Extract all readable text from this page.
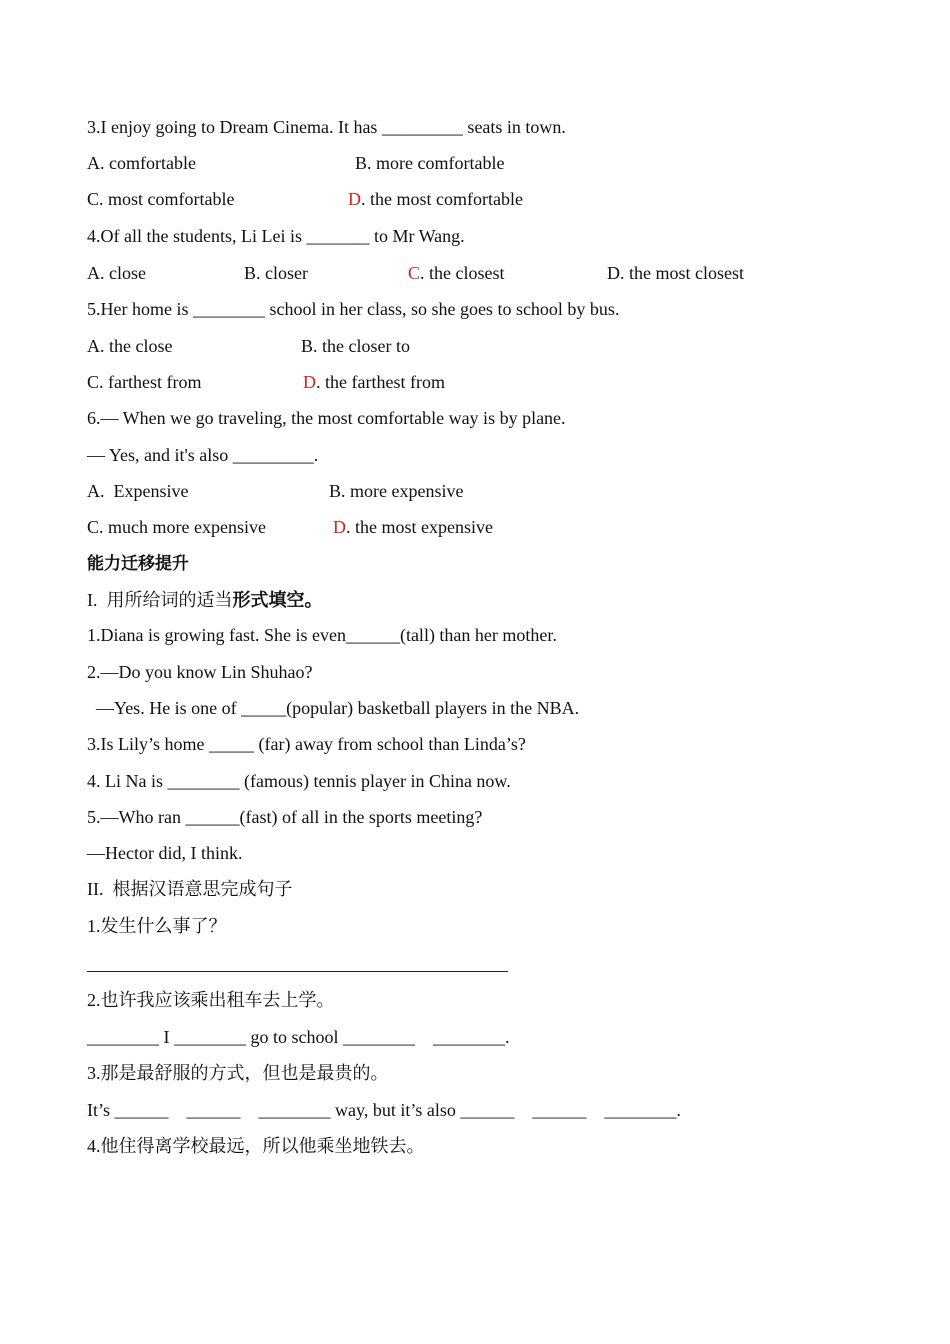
3.I enjoy going to Dream Cinema. It has _________ seats in town.
A. comfortable	B. more comfortable
C. most comfortable	D. the most comfortable
4.Of all the students, Li Lei is _______ to Mr Wang.
A. close	B. closer	C. the closest	D. the most closest
5.Her home is ________ school in her class, so she goes to school by bus.
A. the close	B. the closer to
C. farthest from	D. the farthest from
6.— When we go traveling, the most comfortable way is by plane.
— Yes, and it's also _________.
A.  Expensive	B. more expensive
C. much more expensive	D. the most expensive
能力迁移提升
I.  用所给词的适当形式填空。
1.Diana is growing fast. She is even______(tall) than her mother.
2.—Do you know Lin Shuhao?
—Yes. He is one of _____(popular) basketball players in the NBA.
3.Is Lily’s home _____ (far) away from school than Linda’s?
4. Li Na is ________ (famous) tennis player in China now.
5.—Who ran ______(fast) of all in the sports meeting?
—Hector did, I think.
II.  根据汉语意思完成句子
1.发生什么事了？
2.也许我应该乘出租车去上学。
________ I ________ go to school ________    ________.
3.那是最舒服的方式，但也是最贵的。
It’s ______    ______    ________ way, but it’s also ______    ______    ________.
4.他住得离学校最远，所以他乘坐地铁去。
